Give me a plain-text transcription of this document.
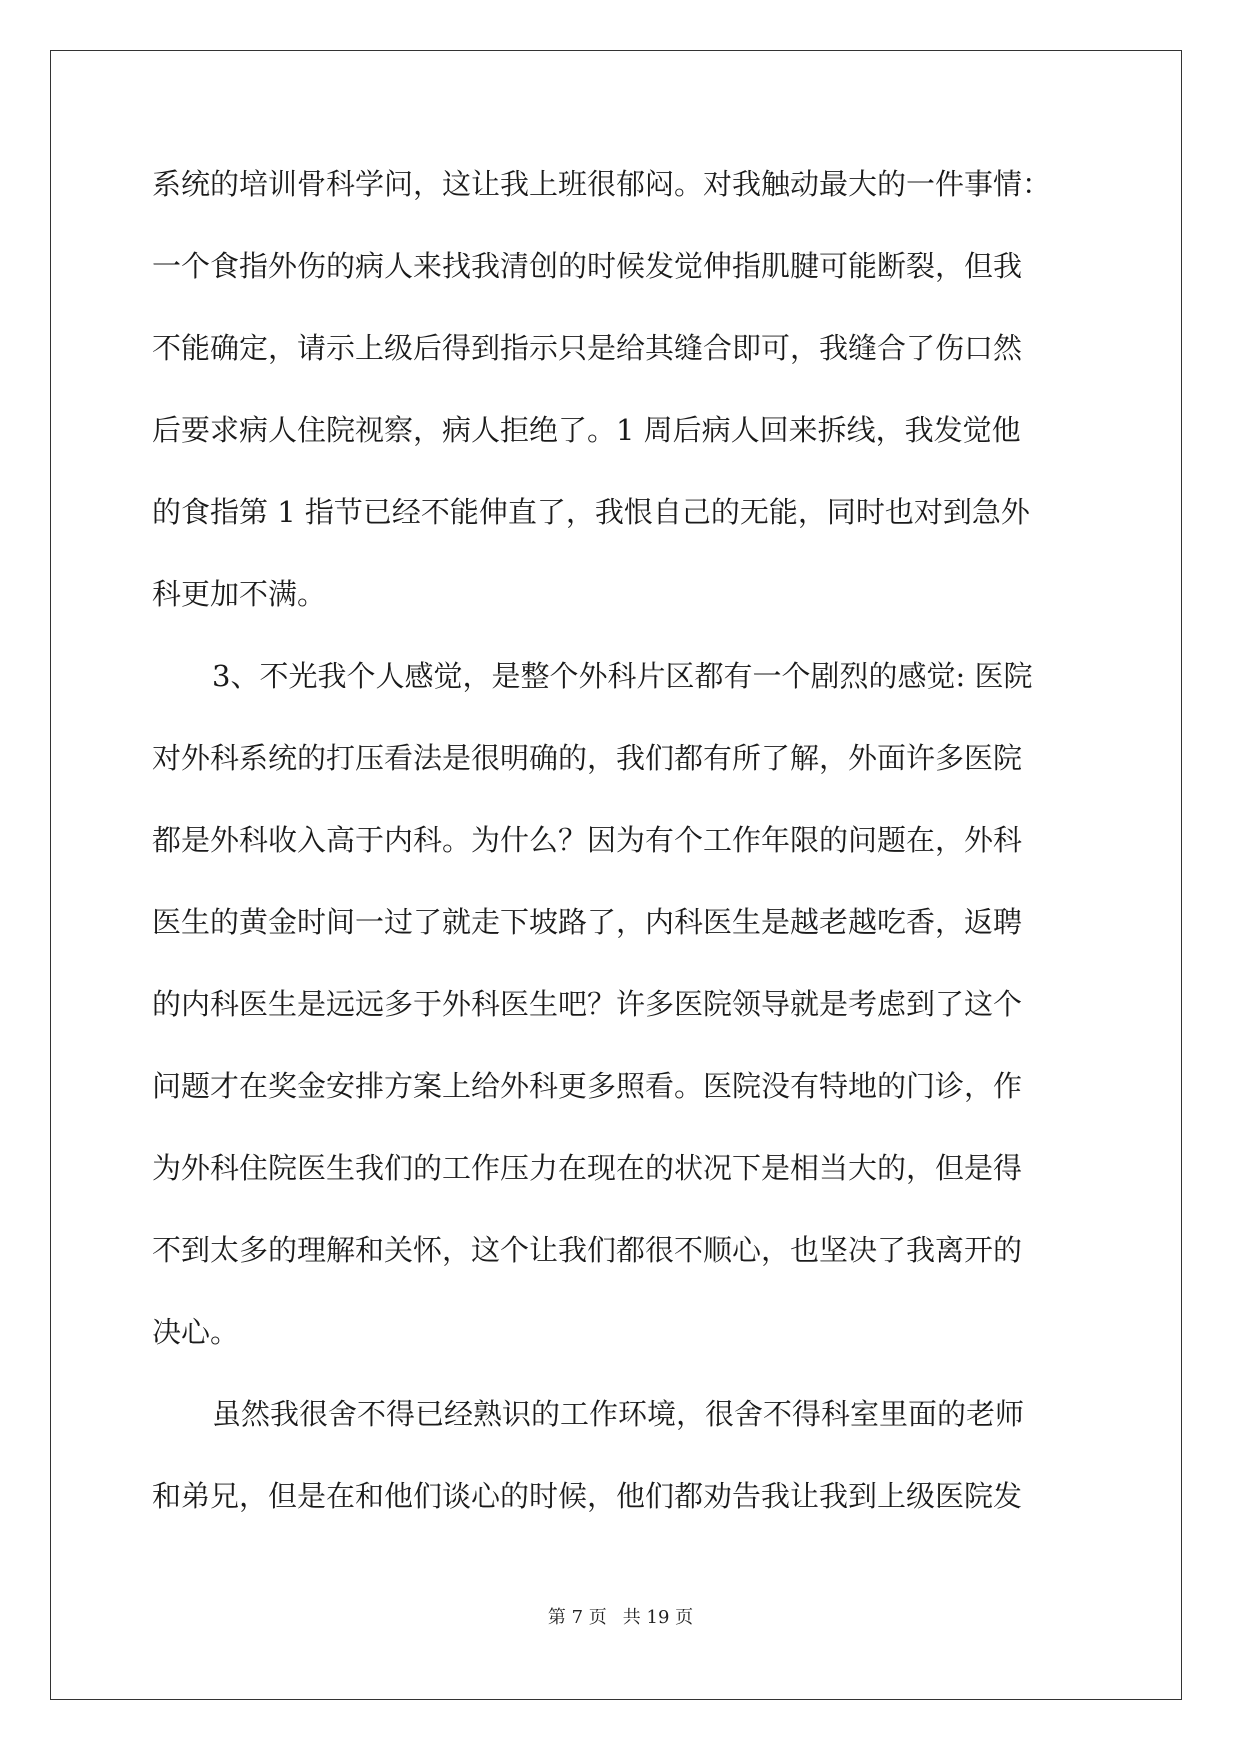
系统的培训骨科学问，这让我上班很郁闷。对我触动最大的一件事情：
一个食指外伤的病人来找我清创的时候发觉伸指肌腱可能断裂，但我
不能确定，请示上级后得到指示只是给其缝合即可，我缝合了伤口然
后要求病人住院视察，病人拒绝了。1 周后病人回来拆线，我发觉他
的食指第 1 指节已经不能伸直了，我恨自己的无能，同时也对到急外
科更加不满。
3、不光我个人感觉，是整个外科片区都有一个剧烈的感觉: 医院
对外科系统的打压看法是很明确的，我们都有所了解，外面许多医院
都是外科收入高于内科。为什么？因为有个工作年限的问题在，外科
医生的黄金时间一过了就走下坡路了，内科医生是越老越吃香，返聘
的内科医生是远远多于外科医生吧？许多医院领导就是考虑到了这个
问题才在奖金安排方案上给外科更多照看。医院没有特地的门诊，作
为外科住院医生我们的工作压力在现在的状况下是相当大的，但是得
不到太多的理解和关怀，这个让我们都很不顺心，也坚决了我离开的
决心。
虽然我很舍不得已经熟识的工作环境，很舍不得科室里面的老师
和弟兄，但是在和他们谈心的时候，他们都劝告我让我到上级医院发
第 7 页 共 19 页
